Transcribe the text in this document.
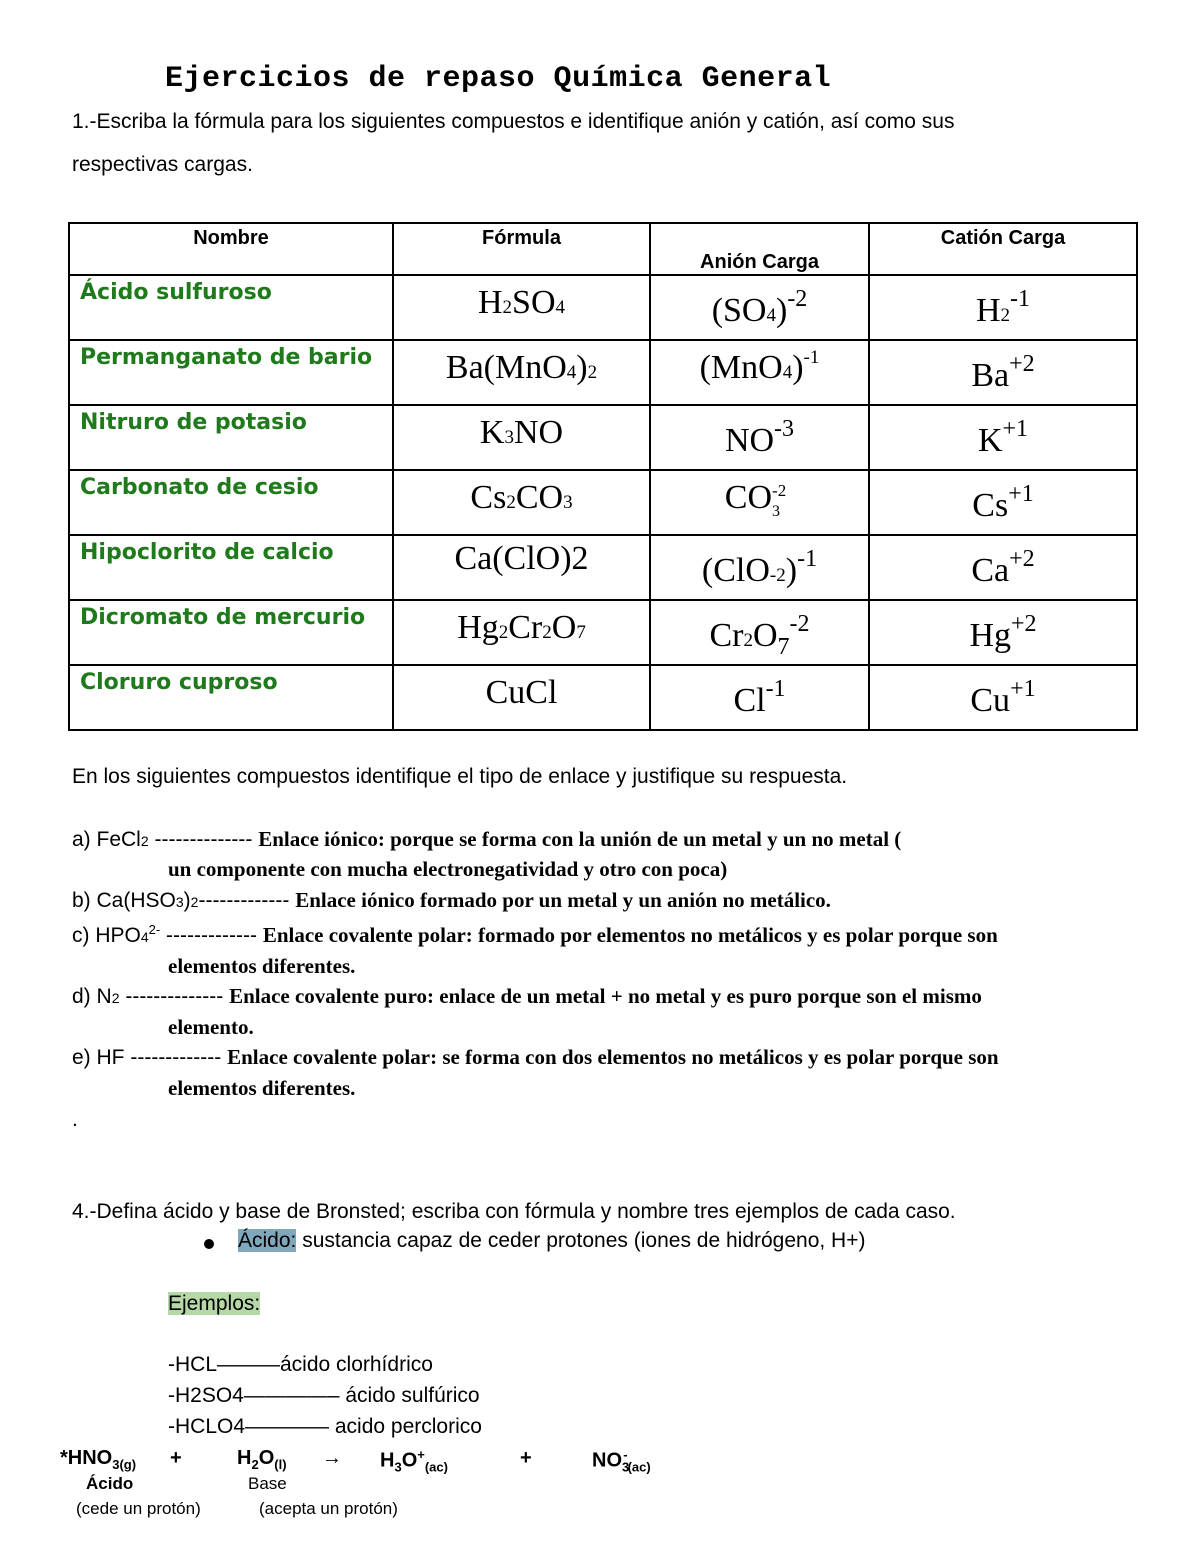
Ejercicios de repaso Química General
1.-Escriba la fórmula para los siguientes compuestos e identifique anión y catión, así como sus
respectivas cargas.
Nombre	Fórmula	Anión Carga	Catión Carga

Ácido sulfuroso	H2SO4	$(SO4)^{-2}$	$H2^{-1}$

Permanganato de bario	Ba(MnO4)2	$(MnO4)^{-1}$	$Ba^{+2}$

Nitruro de potasio	K3NO	$NO^{-3}$	$K^{+1}$

Carbonato de cesio	Cs2CO3	$CO_3^{-2}$	$Cs^{+1}$

Hipoclorito de calcio	Ca(ClO)2	$(ClO-2)^{-1}$	$Ca^{+2}$

Dicromato de mercurio	Hg2Cr2O7	$Cr2O_7^{-2}$	$Hg^{+2}$

Cloruro cuproso	CuCl	$Cl^{-1}$	$Cu^{+1}$
En los siguientes compuestos identifique el tipo de enlace y justifique su respuesta.
a) FeCl2 -------------- Enlace iónico: porque se forma con la unión de un metal y un no metal (
un componente con mucha electronegatividad y otro con poca)
b) Ca(HSO3)2------------- Enlace iónico formado por un metal y un anión no metálico.
c) $HPO4^{2-}$ ------------- Enlace covalente polar: formado por elementos no metálicos y es polar porque son
elementos diferentes.
d) N2 -------------- Enlace covalente puro: enlace de un metal + no metal y es puro porque son el mismo
elemento.
e) HF ------------- Enlace covalente polar: se forma con dos elementos no metálicos y es polar porque son
elementos diferentes.
.
4.-Defina ácido y base de Bronsted; escriba con fórmula y nombre tres ejemplos de cada caso.
Ácido: sustancia capaz de ceder protones (iones de hidrógeno, H+)
Ejemplos:
-HCL———ácido clorhídrico
-H2SO4————– ácido sulfúrico
-HCLO4———— acido perclorico
$*HNO_{3(g)}$ +	$H_2O_{(l)} \to H_3O^+_{(ac)}$	+	$NO_3^-_{(ac)}$
Ácido	Base
(cede un protón)	(acepta un protón)
